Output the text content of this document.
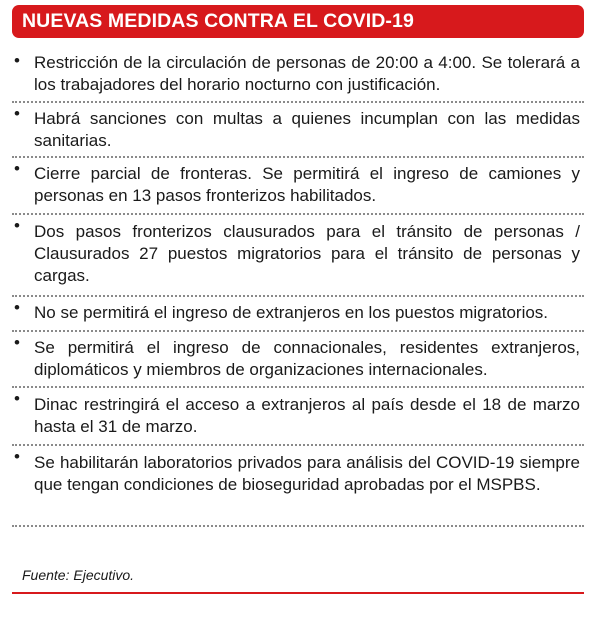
NUEVAS MEDIDAS CONTRA EL COVID-19
• Restricción de la circulación de personas de 20:00 a 4:00. Se tolerará a los trabajadores del horario nocturno con justificación.
• Habrá sanciones con multas a quienes incumplan con las medidas sanitarias.
• Cierre parcial de fronteras. Se permitirá el ingreso de camiones y personas en 13 pasos fronterizos habilitados.
• Dos pasos fronterizos clausurados para el tránsito de personas / Clausurados 27 puestos migratorios para el tránsito de personas y cargas.
• No se permitirá el ingreso de extranjeros en los puestos migratorios.
• Se permitirá el ingreso de connacionales, residentes extranjeros, diplomáticos y miembros de organizaciones internacionales.
• Dinac restringirá el acceso a extranjeros al país desde el 18 de marzo hasta el 31 de marzo.
• Se habilitarán laboratorios privados para análisis del COVID-19 siempre que tengan condiciones de bioseguridad aprobadas por el MSPBS.
Fuente: Ejecutivo.
